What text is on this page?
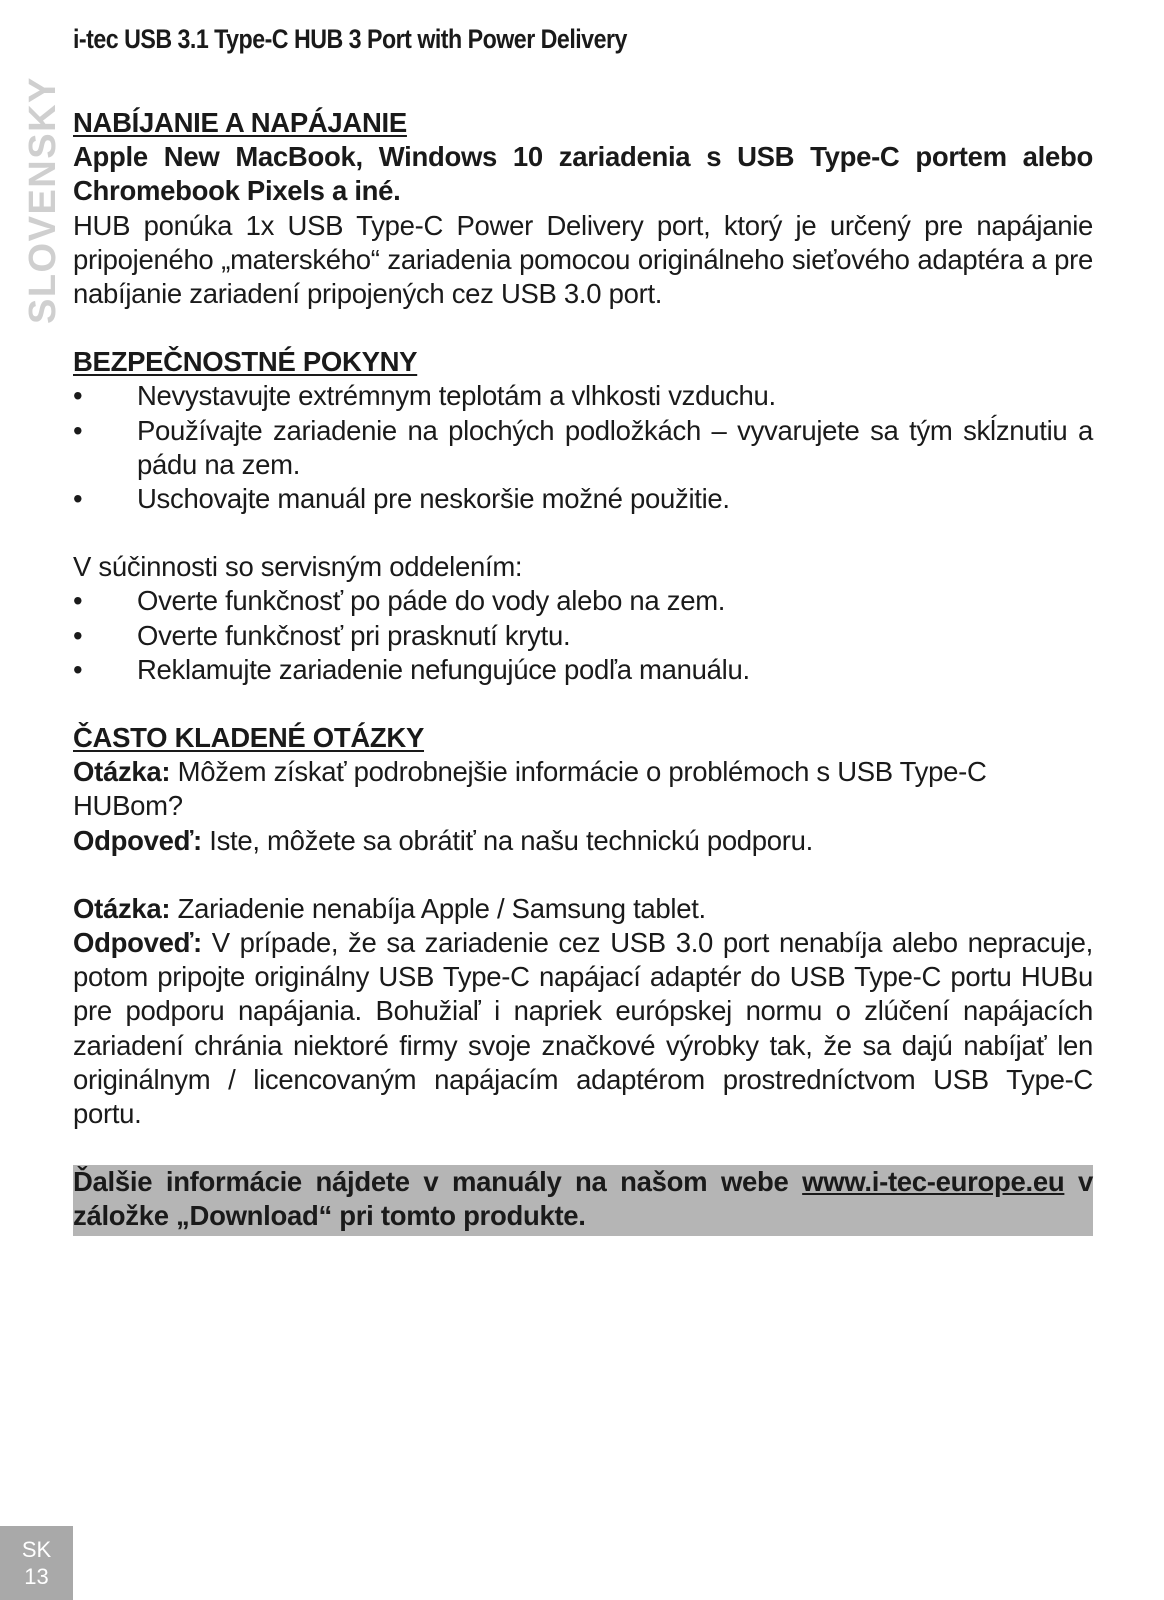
i-tec USB 3.1 Type-C HUB 3 Port with Power Delivery
SLOVENSKY NABÍJANIE A NAPÁJANIE

Apple New MacBook, Windows 10 zariadenia s USB Type-C portem alebo Chromebook Pixels a iné.

HUB ponúka 1x USB Type-C Power Delivery port, ktorý je určený pre napájanie pripojeného „materského“ zariadenia pomocou originálneho sieťového adaptéra a pre nabíjanie zariadení pripojených cez USB 3.0 port.

BEZPEČNOSTNÉ POKYNY

• Nevystavujte extrémnym teplotám a vlhkosti vzduchu.
• Používajte zariadenie na plochých podložkách – vyvarujete sa tým skĺznutiu a pádu na zem.
• Uschovajte manuál pre neskoršie možné použitie.

V súčinnosti so servisným oddelením:

• Overte funkčnosť po páde do vody alebo na zem.
• Overte funkčnosť pri prasknutí krytu.
• Reklamujte zariadenie nefungujúce podľa manuálu.

ČASTO KLADENÉ OTÁZKY

Otázka: Môžem získať podrobnejšie informácie o problémoch s USB Type-C HUBom?

Odpoveď: Iste, môžete sa obrátiť na našu technickú podporu.

Otázka: Zariadenie nenabíja Apple / Samsung tablet.

Odpoveď: V prípade, že sa zariadenie cez USB 3.0 port nenabíja alebo nepracuje, potom pripojte originálny USB Type-C napájací adaptér do USB Type-C portu HUBu pre podporu napájania. Bohužiaľ i napriek európskej normu o zlúčení napájacích zariadení chránia niektoré firmy svoje značkové výrobky tak, že sa dajú nabíjať len originálnym / licencovaným napájacím adaptérom prostredníctvom USB Type-C portu.

Ďalšie informácie nájdete v manuály na našom webe www.i-tec-europe.eu v záložke „Download“ pri tomto produkte.

SK
13
